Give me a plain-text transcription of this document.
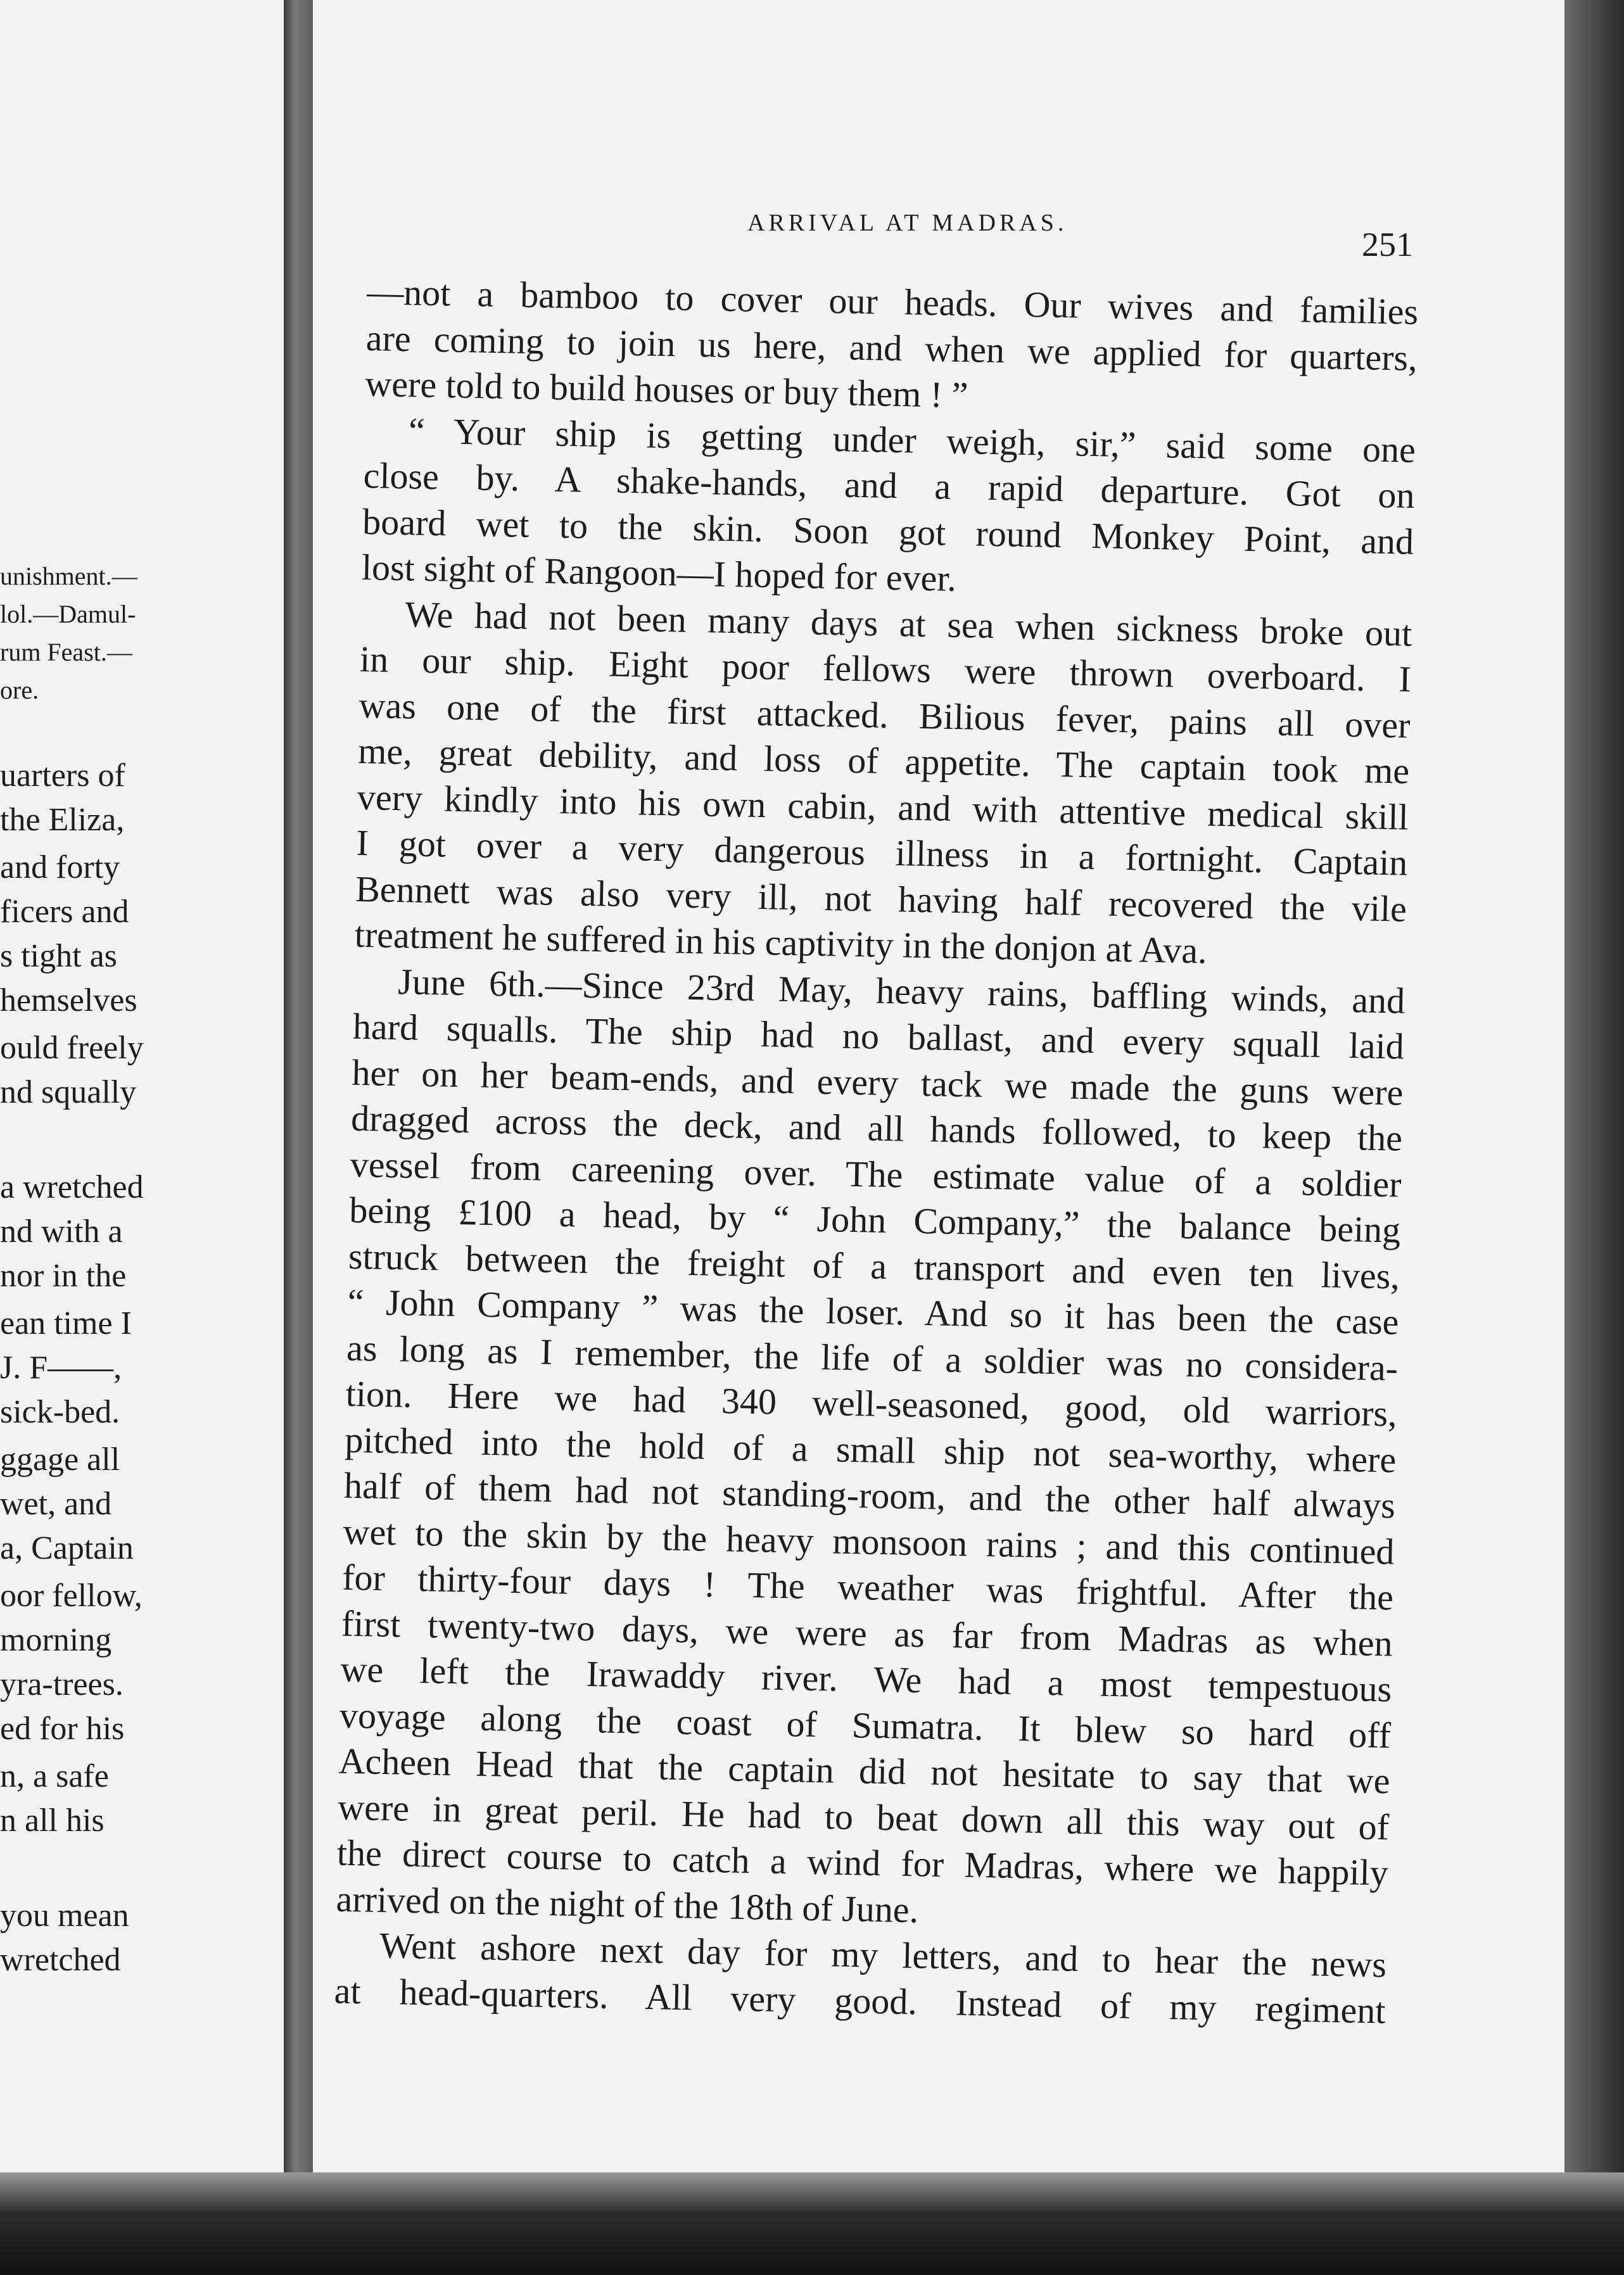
unishment.—
lol.—Damul-
rum Feast.—
ore.
uarters of
the Eliza,
and forty
ficers and
s tight as
hemselves
ould freely
nd squally
a wretched
nd with a
nor in the
ean time I
J. F——,
sick-bed.
ggage all
wet, and
a, Captain
oor fellow,
morning
yra-trees.
ed for his
n, a safe
n all his
you mean
wretched
ARRIVAL AT MADRAS.
251
—not a bamboo to cover our heads. Our wives and families
are coming to join us here, and when we applied for quarters,
were told to build houses or buy them ! ”
“ Your ship is getting under weigh, sir,” said some one
close by. A shake-hands, and a rapid departure. Got on
board wet to the skin. Soon got round Monkey Point, and
lost sight of Rangoon—I hoped for ever.
We had not been many days at sea when sickness broke out
in our ship. Eight poor fellows were thrown overboard. I
was one of the first attacked. Bilious fever, pains all over
me, great debility, and loss of appetite. The captain took me
very kindly into his own cabin, and with attentive medical skill
I got over a very dangerous illness in a fortnight. Captain
Bennett was also very ill, not having half recovered the vile
treatment he suffered in his captivity in the donjon at Ava.
June 6th.—Since 23rd May, heavy rains, baffling winds, and
hard squalls. The ship had no ballast, and every squall laid
her on her beam-ends, and every tack we made the guns were
dragged across the deck, and all hands followed, to keep the
vessel from careening over. The estimate value of a soldier
being £100 a head, by “ John Company,” the balance being
struck between the freight of a transport and even ten lives,
“ John Company ” was the loser. And so it has been the case
as long as I remember, the life of a soldier was no considera-
tion. Here we had 340 well-seasoned, good, old warriors,
pitched into the hold of a small ship not sea-worthy, where
half of them had not standing-room, and the other half always
wet to the skin by the heavy monsoon rains ; and this continued
for thirty-four days ! The weather was frightful. After the
first twenty-two days, we were as far from Madras as when
we left the Irawaddy river. We had a most tempestuous
voyage along the coast of Sumatra. It blew so hard off
Acheen Head that the captain did not hesitate to say that we
were in great peril. He had to beat down all this way out of
the direct course to catch a wind for Madras, where we happily
arrived on the night of the 18th of June.
Went ashore next day for my letters, and to hear the news
at head-quarters. All very good. Instead of my regiment
